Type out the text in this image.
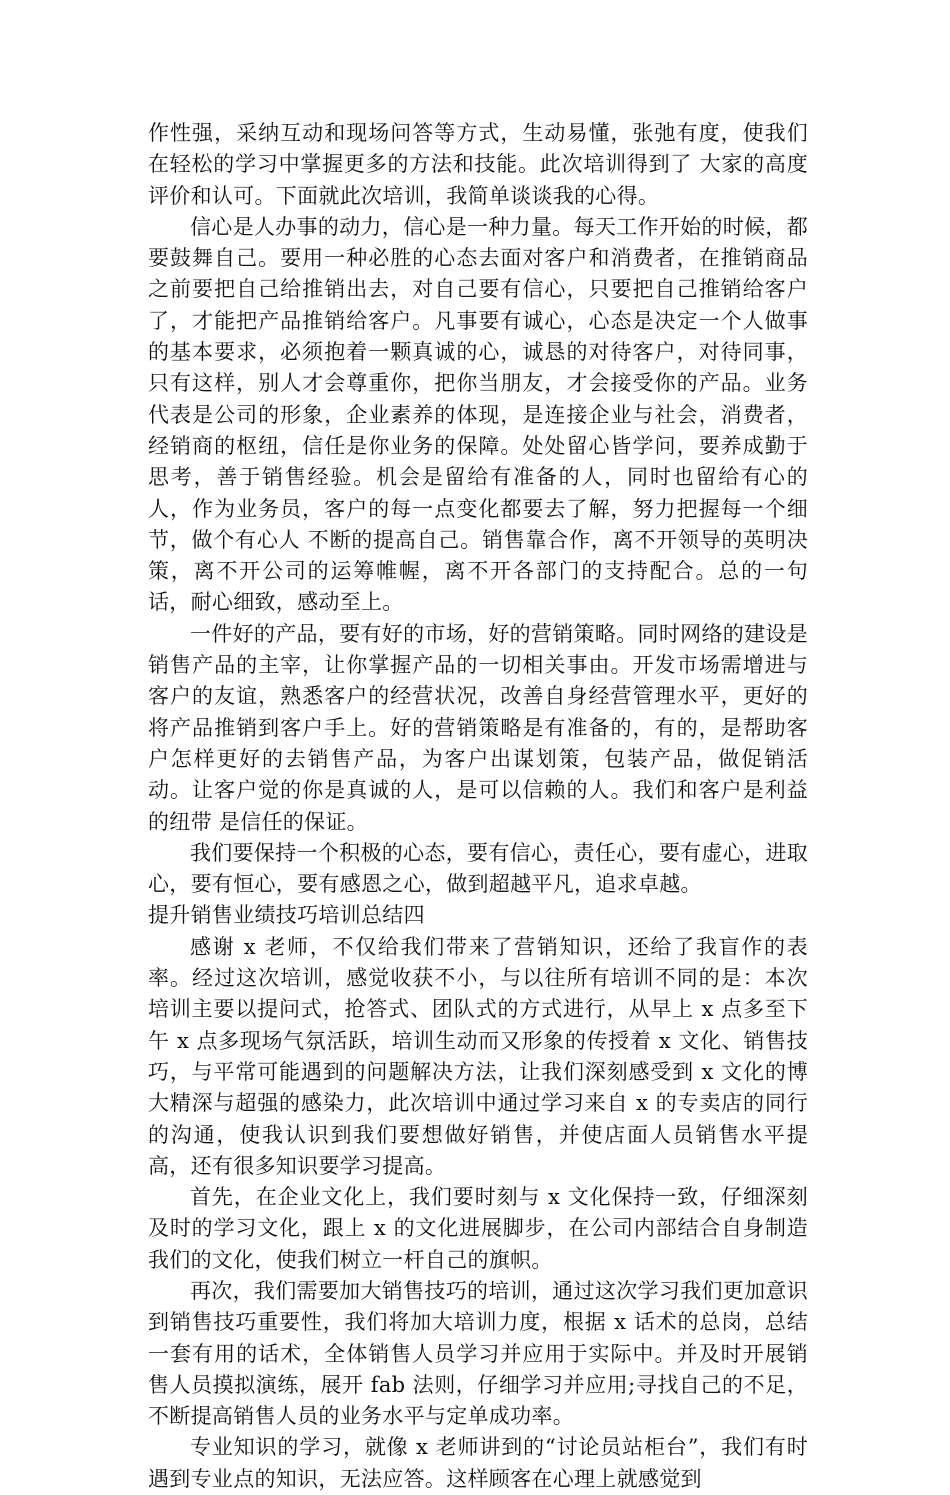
作性强，采纳互动和现场问答等方式，生动易懂，张弛有度，使我们在轻松的学习中掌握更多的方法和技能。此次培训得到了 大家的高度评价和认可。下面就此次培训，我简单谈谈我的心得。

信心是人办事的动力，信心是一种力量。每天工作开始的时候，都要鼓舞自己。要用一种必胜的心态去面对客户和消费者，在推销商品之前要把自己给推销出去，对自己要有信心，只要把自己推销给客户了，才能把产品推销给客户。凡事要有诚心，心态是决定一个人做事的基本要求，必须抱着一颗真诚的心，诚恳的对待客户，对待同事，只有这样，别人才会尊重你，把你当朋友，才会接受你的产品。业务代表是公司的形象，企业素养的体现，是连接企业与社会，消费者，经销商的枢纽，信任是你业务的保障。处处留心皆学问，要养成勤于思考，善于销售经验。机会是留给有准备的人，同时也留给有心的人，作为业务员，客户的每一点变化都要去了解，努力把握每一个细节，做个有心人 不断的提高自己。销售靠合作，离不开领导的英明决策，离不开公司的运筹帷幄，离不开各部门的支持配合。总的一句话，耐心细致，感动至上。

一件好的产品，要有好的市场，好的营销策略。同时网络的建设是销售产品的主宰，让你掌握产品的一切相关事由。开发市场需增进与客户的友谊，熟悉客户的经营状况，改善自身经营管理水平，更好的将产品推销到客户手上。好的营销策略是有准备的，有的，是帮助客户怎样更好的去销售产品，为客户出谋划策，包装产品，做促销活动。让客户觉的你是真诚的人，是可以信赖的人。我们和客户是利益的纽带 是信任的保证。

我们要保持一个积极的心态，要有信心，责任心，要有虚心，进取心，要有恒心，要有感恩之心，做到超越平凡，追求卓越。

提升销售业绩技巧培训总结四

感谢 x 老师，不仅给我们带来了营销知识，还给了我盲作的表率。经过这次培训，感觉收获不小，与以往所有培训不同的是：本次培训主要以提问式，抢答式、团队式的方式进行，从早上 x 点多至下午 x 点多现场气氛活跃，培训生动而又形象的传授着 x 文化、销售技巧，与平常可能遇到的问题解决方法，让我们深刻感受到 x 文化的博大精深与超强的感染力，此次培训中通过学习来自 x 的专卖店的同行的沟通，使我认识到我们要想做好销售，并使店面人员销售水平提高，还有很多知识要学习提高。

首先，在企业文化上，我们要时刻与 x 文化保持一致，仔细深刻及时的学习文化，跟上 x 的文化进展脚步，在公司内部结合自身制造我们的文化，使我们树立一杆自己的旗帜。

再次，我们需要加大销售技巧的培训，通过这次学习我们更加意识到销售技巧重要性，我们将加大培训力度，根据 x 话术的总岗，总结一套有用的话术，全体销售人员学习并应用于实际中。并及时开展销售人员摸拟演练，展开 fab 法则，仔细学习并应用;寻找自己的不足，不断提高销售人员的业务水平与定单成功率。

专业知识的学习，就像 x 老师讲到的“讨论员站柜台”，我们有时遇到专业点的知识，无法应答。这样顾客在心理上就感觉到
